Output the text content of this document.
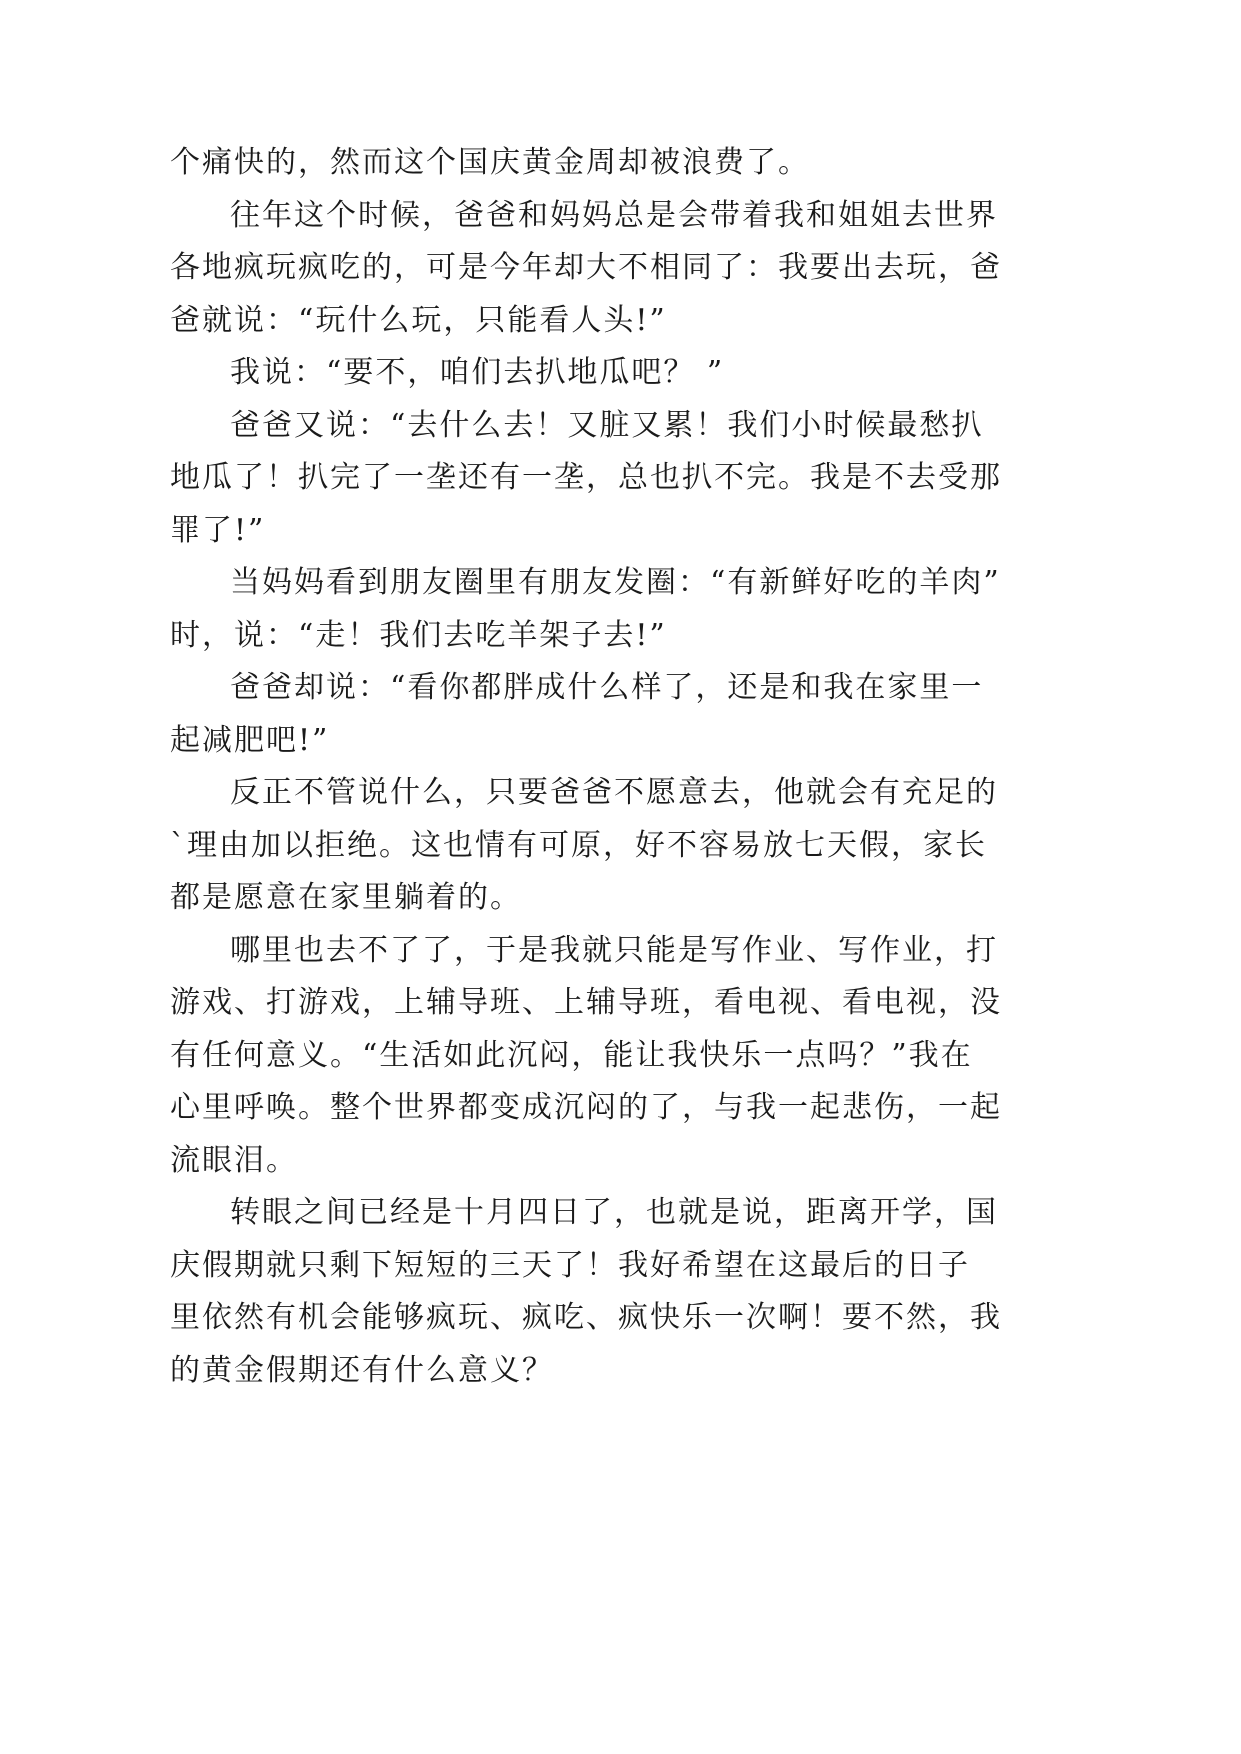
个痛快的，然而这个国庆黄金周却被浪费了。
往年这个时候，爸爸和妈妈总是会带着我和姐姐去世界
各地疯玩疯吃的，可是今年却大不相同了：我要出去玩，爸
爸就说：“玩什么玩，只能看人头!”
我说：“要不，咱们去扒地瓜吧？ ”
爸爸又说：“去什么去！又脏又累！我们小时候最愁扒
地瓜了！扒完了一垄还有一垄，总也扒不完。我是不去受那
罪了!”
当妈妈看到朋友圈里有朋友发圈：“有新鲜好吃的羊肉”
时，说：“走！我们去吃羊架子去!”
爸爸却说：“看你都胖成什么样了，还是和我在家里一
起减肥吧!”
反正不管说什么，只要爸爸不愿意去，他就会有充足的
`理由加以拒绝。这也情有可原，好不容易放七天假，家长
都是愿意在家里躺着的。
哪里也去不了了，于是我就只能是写作业、写作业，打
游戏、打游戏，上辅导班、上辅导班，看电视、看电视，没
有任何意义。“生活如此沉闷，能让我快乐一点吗？”我在
心里呼唤。整个世界都变成沉闷的了，与我一起悲伤，一起
流眼泪。
转眼之间已经是十月四日了，也就是说，距离开学，国
庆假期就只剩下短短的三天了！我好希望在这最后的日子
里依然有机会能够疯玩、疯吃、疯快乐一次啊！要不然，我
的黄金假期还有什么意义？
